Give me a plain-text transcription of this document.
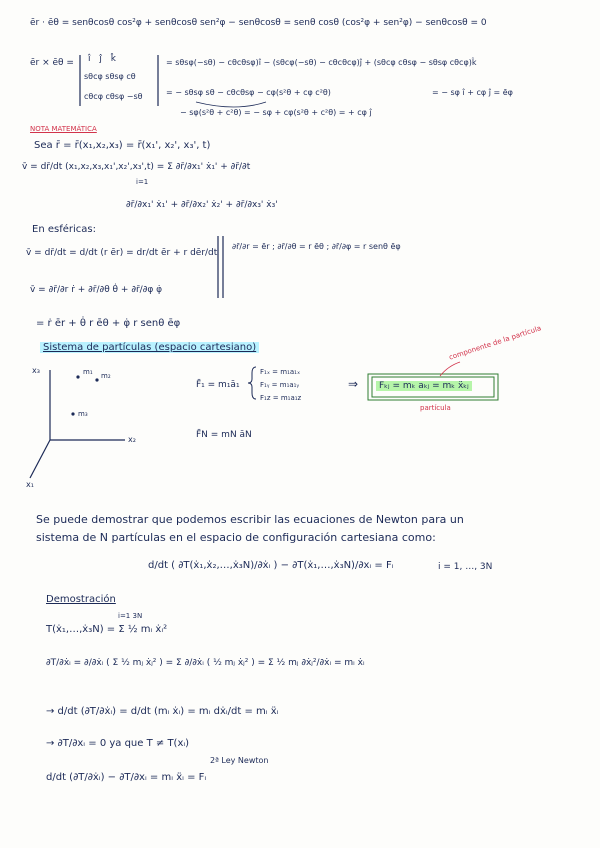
ēr · ēθ = senθcosθ cos²φ + senθcosθ sen²φ − senθcosθ = senθ cosθ (cos²φ + sen²φ) − senθcosθ = 0
ēr × ēθ = î ĵ k̂
sθcφ sθsφ cθ
cθcφ cθsφ −sθ
= sθsφ(−sθ) − cθcθsφ)î − (sθcφ(−sθ) − cθcθcφ)ĵ + (sθcφ cθsφ − sθsφ cθcφ)k̂
= − sθsφ sθ − cθcθsφ − cφ(s²θ + cφ c²θ)
− sφ(s²θ + c²θ) = − sφ + cφ(s²θ + c²θ) = + cφ ĵ
= − sφ î + cφ ĵ = ēφ
NOTA MATEMÁTICA
Sea r̄ = r̄(x₁,x₂,x₃) = r̄(x₁', x₂', x₃', t)
v̄ = dr̄/dt (x₁,x₂,x₃,x₁',x₂',x₃',t) = Σ ∂r̄/∂x₁' ẋ₁' + ∂r̄/∂t
i=1
∂r̄/∂x₁' ẋ₁' + ∂r̄/∂x₂' ẋ₂' + ∂r̄/∂x₃' ẋ₃'
En esféricas:
v̄ = dr̄/dt = d/dt (r ēr) = dr/dt ēr + r dēr/dt
∂r̄/∂r = ēr ; ∂r̄/∂θ = r ēθ ; ∂r̄/∂φ = r senθ ēφ
v̄ = ∂r̄/∂r ṙ + ∂r̄/∂θ θ̇ + ∂r̄/∂φ φ̇
= ṙ ēr + θ̇ r ēθ + φ̇ r senθ ēφ
Sistema de partículas (espacio cartesiano)
x₃
x₂
x₁
m₁ m₂
m₃
F̄₁ = m₁ā₁
F₁ₓ = m₁a₁ₓ
F₁ᵧ = m₁a₁ᵧ
F₁z = m₁a₁z
F̄N = mN āN
⇒	Fₖⱼ = mₖ aₖⱼ = mₖ ẍₖⱼ
componente de la partícula
partícula
Se puede demostrar que podemos escribir las ecuaciones de Newton para un
sistema de N partículas en el espacio de configuración cartesiana como:
d/dt ( ∂T(ẋ₁,ẋ₂,…,ẋ₃N)/∂ẋᵢ ) − ∂T(ẋ₁,…,ẋ₃N)/∂xᵢ = Fᵢ	i = 1, …, 3N
Demostración
i=1 3N
T(ẋ₁,…,ẋ₃N) = Σ ½ mᵢ ẋᵢ²
∂T/∂ẋᵢ = ∂/∂ẋᵢ ( Σ ½ mⱼ ẋⱼ² ) = Σ ∂/∂ẋᵢ ( ½ mⱼ ẋⱼ² ) = Σ ½ mⱼ ∂ẋⱼ²/∂ẋᵢ = mᵢ ẋᵢ
→ d/dt (∂T/∂ẋᵢ) = d/dt (mᵢ ẋᵢ) = mᵢ dẋᵢ/dt = mᵢ ẍᵢ
→ ∂T/∂xᵢ = 0 ya que T ≠ T(xᵢ)
2ª Ley Newton
d/dt (∂T/∂ẋᵢ) − ∂T/∂xᵢ = mᵢ ẍᵢ = Fᵢ
